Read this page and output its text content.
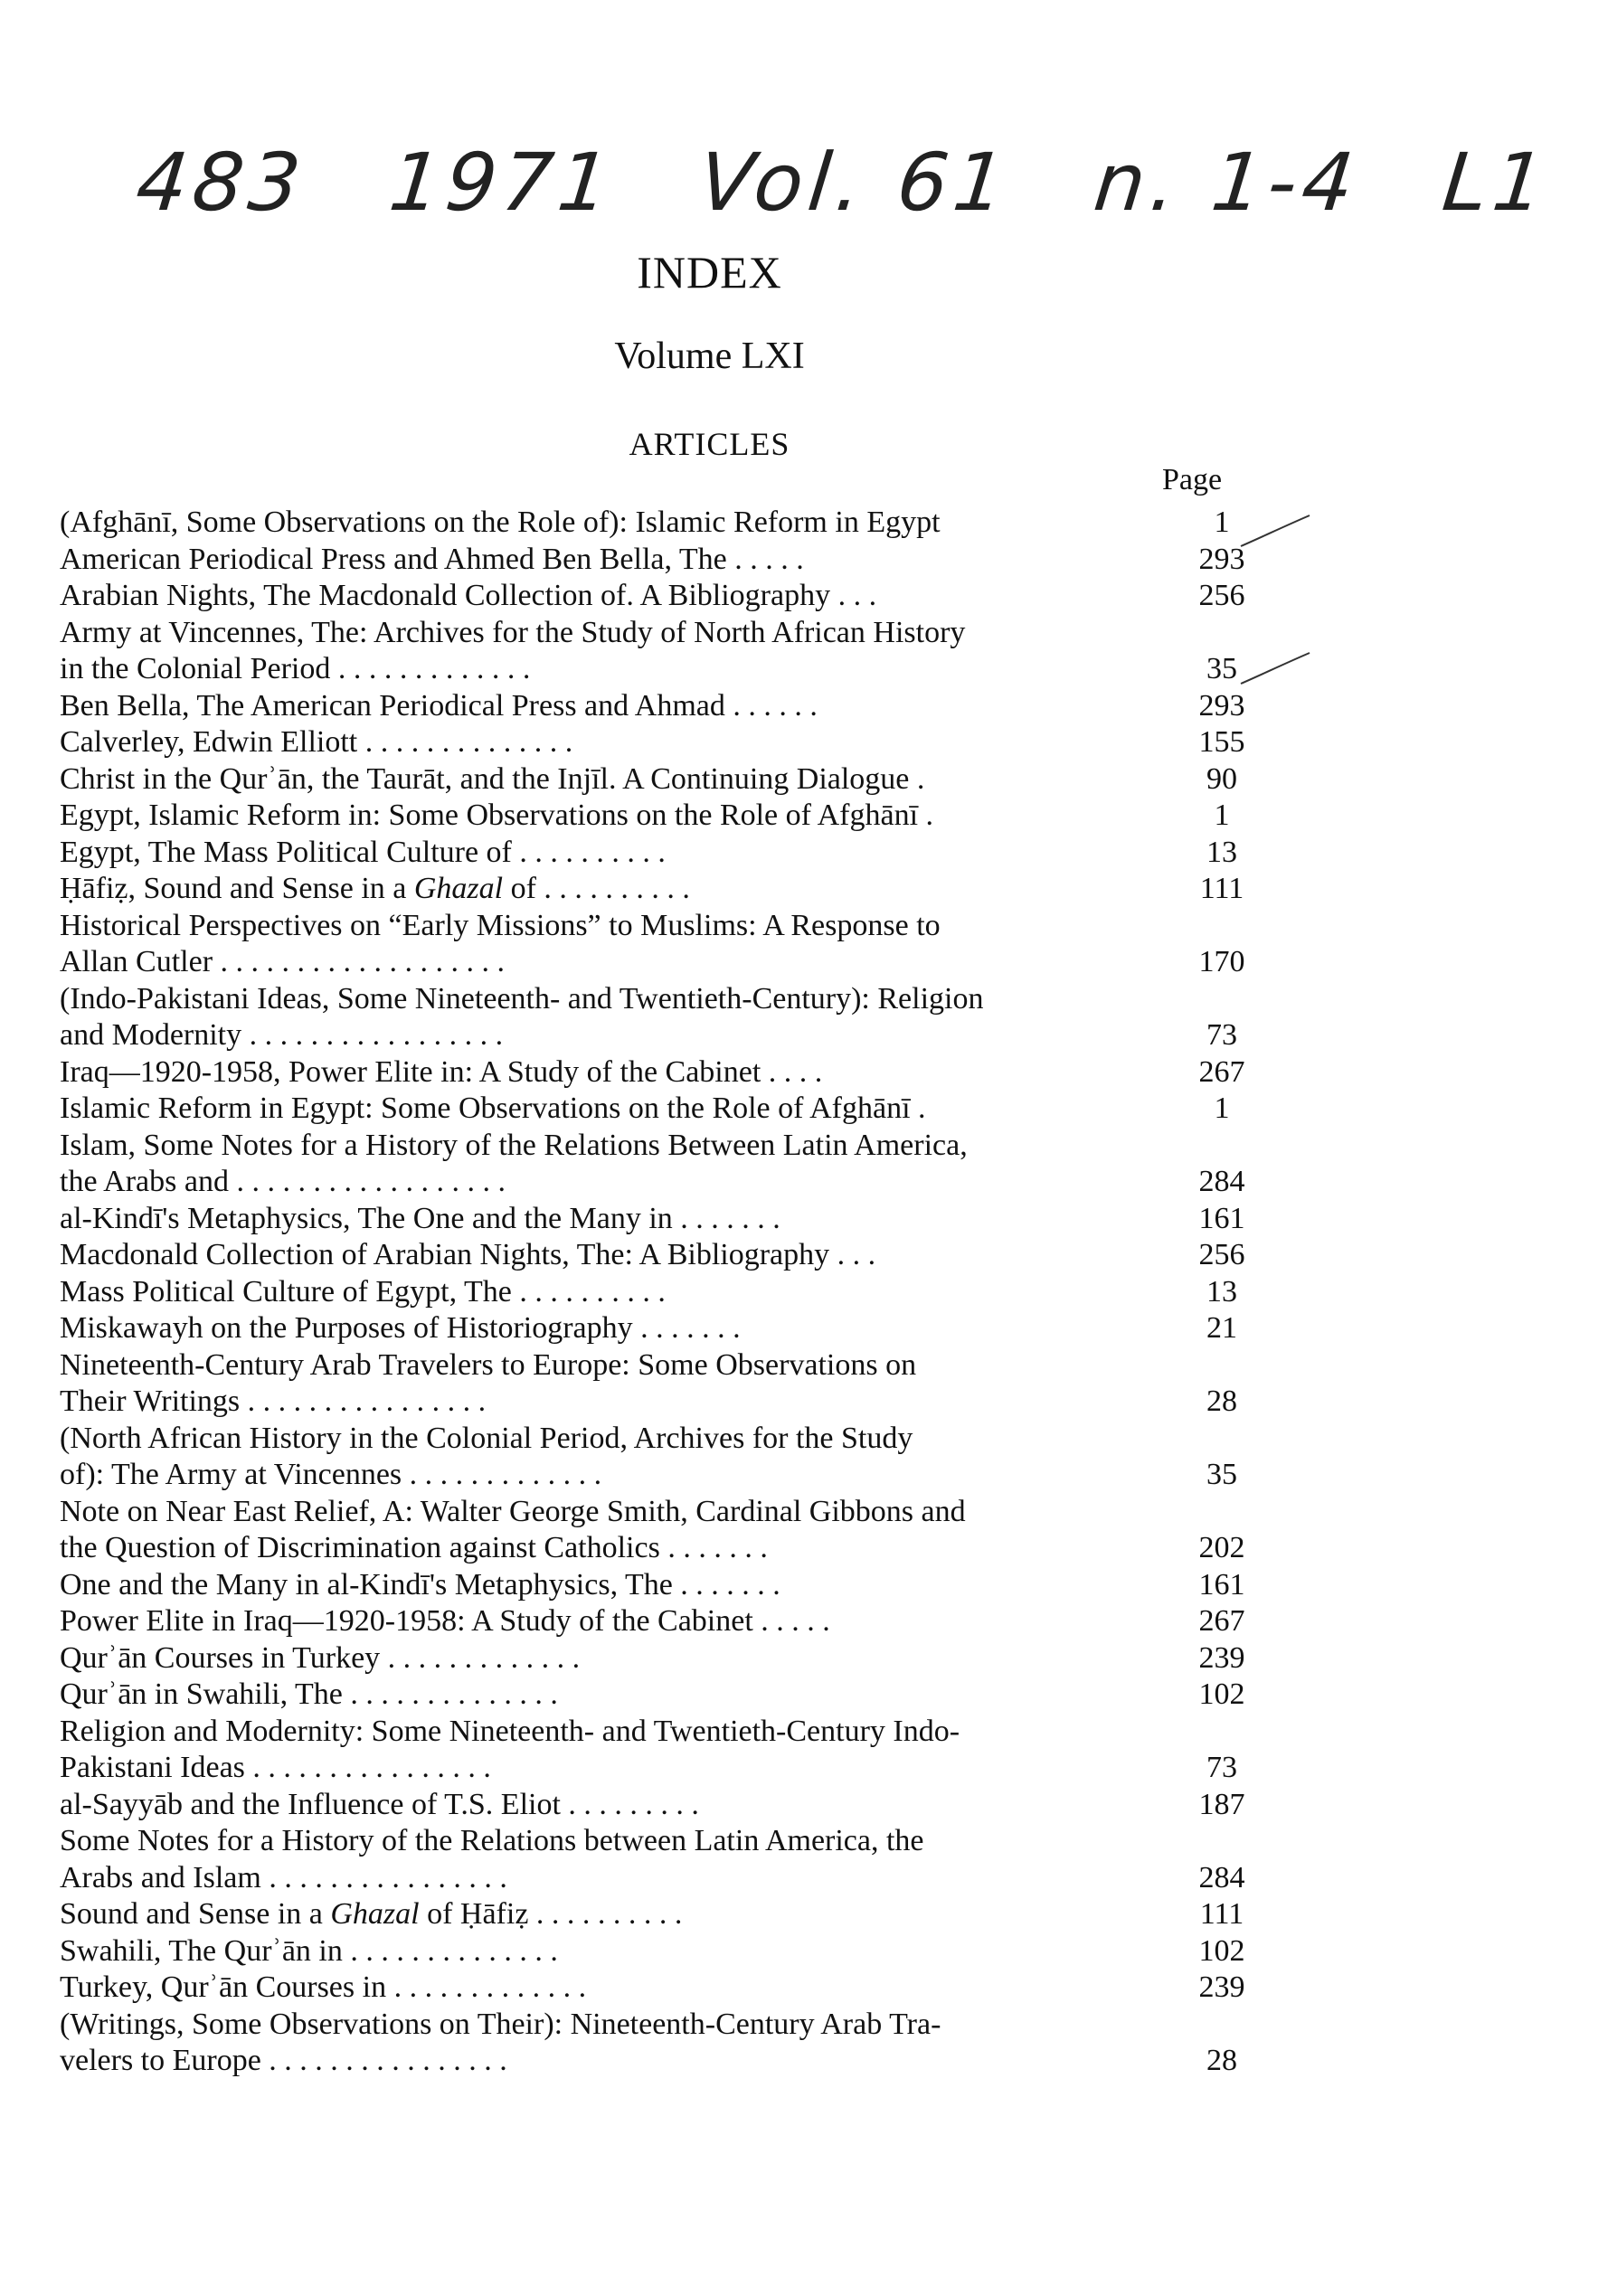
483 1971 Vol. 61 n. 1-4 L1
INDEX
Volume LXI
ARTICLES
Page
(Afghānī, Some Observations on the Role of): Islamic Reform in Egypt	1
American Periodical Press and Ahmed Ben Bella, The . . . . .	293
Arabian Nights, The Macdonald Collection of. A Bibliography . . .	256
Army at Vincennes, The: Archives for the Study of North African History
in the Colonial Period . . . . . . . . . . . . .	35
Ben Bella, The American Periodical Press and Ahmad . . . . . .	293
Calverley, Edwin Elliott . . . . . . . . . . . . . .	155
Christ in the Qurʾān, the Taurāt, and the Injīl. A Continuing Dialogue .	90
Egypt, Islamic Reform in: Some Observations on the Role of Afghānī .	1
Egypt, The Mass Political Culture of . . . . . . . . . .	13
Ḥāfiẓ, Sound and Sense in a Ghazal of . . . . . . . . . .	111
Historical Perspectives on “Early Missions” to Muslims: A Response to
Allan Cutler . . . . . . . . . . . . . . . . . . .	170
(Indo-Pakistani Ideas, Some Nineteenth- and Twentieth-Century): Religion
and Modernity . . . . . . . . . . . . . . . . .	73
Iraq—1920-1958, Power Elite in: A Study of the Cabinet . . . .	267
Islamic Reform in Egypt: Some Observations on the Role of Afghānī .	1
Islam, Some Notes for a History of the Relations Between Latin America,
the Arabs and . . . . . . . . . . . . . . . . . .	284
al-Kindī's Metaphysics, The One and the Many in . . . . . . .	161
Macdonald Collection of Arabian Nights, The: A Bibliography . . .	256
Mass Political Culture of Egypt, The . . . . . . . . . .	13
Miskawayh on the Purposes of Historiography . . . . . . .	21
Nineteenth-Century Arab Travelers to Europe: Some Observations on
Their Writings . . . . . . . . . . . . . . . .	28
(North African History in the Colonial Period, Archives for the Study
of): The Army at Vincennes . . . . . . . . . . . . .	35
Note on Near East Relief, A: Walter George Smith, Cardinal Gibbons and
the Question of Discrimination against Catholics . . . . . . .	202
One and the Many in al-Kindī's Metaphysics, The . . . . . . .	161
Power Elite in Iraq—1920-1958: A Study of the Cabinet . . . . .	267
Qurʾān Courses in Turkey . . . . . . . . . . . . .	239
Qurʾān in Swahili, The . . . . . . . . . . . . . .	102
Religion and Modernity: Some Nineteenth- and Twentieth-Century Indo-
Pakistani Ideas . . . . . . . . . . . . . . . .	73
al-Sayyāb and the Influence of T.S. Eliot . . . . . . . . .	187
Some Notes for a History of the Relations between Latin America, the
Arabs and Islam . . . . . . . . . . . . . . . .	284
Sound and Sense in a Ghazal of Ḥāfiẓ . . . . . . . . . .	111
Swahili, The Qurʾān in . . . . . . . . . . . . . .	102
Turkey, Qurʾān Courses in . . . . . . . . . . . . .	239
(Writings, Some Observations on Their): Nineteenth-Century Arab Tra-
velers to Europe . . . . . . . . . . . . . . . .	28
